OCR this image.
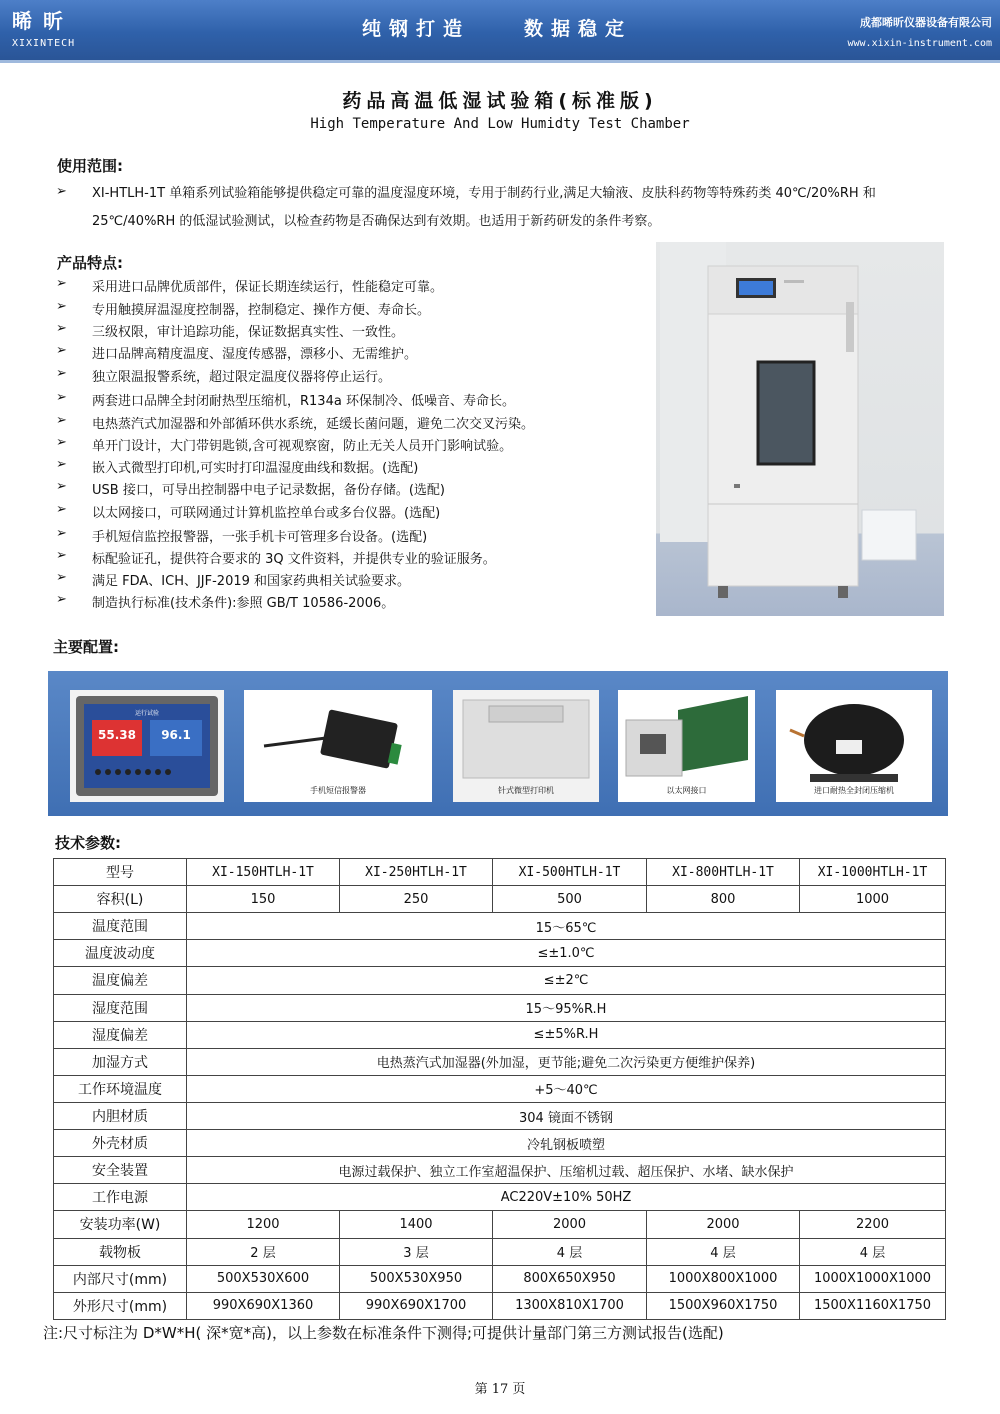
晞 昕
XIXINTECH
纯钢打造	数据稳定	成都晞昕仪器设备有限公司
www.xixin-instrument.com
药品高温低湿试验箱(标准版)
High Temperature And Low Humidty Test Chamber
使用范围:
➢ XI-HTLH-1T 单箱系列试验箱能够提供稳定可靠的温度湿度环境，专用于制药行业,满足大输液、皮肤科药物等特殊药类 40℃/20%RH 和 25℃/40%RH 的低湿试验测试，以检查药物是否确保达到有效期。也适用于新药研发的条件考察。
产品特点:
➢ 采用进口品牌优质部件，保证长期连续运行，性能稳定可靠。
➢ 专用触摸屏温湿度控制器，控制稳定、操作方便、寿命长。
➢ 三级权限，审计追踪功能，保证数据真实性、一致性。
➢ 进口品牌高精度温度、湿度传感器，漂移小、无需维护。
➢ 独立限温报警系统，超过限定温度仪器将停止运行。
➢ 两套进口品牌全封闭耐热型压缩机，R134a 环保制冷、低噪音、寿命长。
➢ 电热蒸汽式加湿器和外部循环供水系统，延缓长菌问题，避免二次交叉污染。
➢ 单开门设计，大门带钥匙锁,含可视观察窗，防止无关人员开门影响试验。
➢ 嵌入式微型打印机,可实时打印温湿度曲线和数据。(选配)
➢ USB 接口，可导出控制器中电子记录数据，备份存储。(选配)
➢ 以太网接口，可联网通过计算机监控单台或多台仪器。(选配)
➢ 手机短信监控报警器，一张手机卡可管理多台设备。(选配)
➢ 标配验证孔，提供符合要求的 3Q 文件资料，并提供专业的验证服务。
➢ 满足 FDA、ICH、JJF-2019 和国家药典相关试验要求。
➢ 制造执行标准(技术条件):参照 GB/T 10586-2006。
主要配置:
运行试验
55.38	96.1
手机短信报警器	针式微型打印机	以太网接口	进口耐热全封闭压缩机
技术参数:
型号	XI-150HTLH-1T	XI-250HTLH-1T	XI-500HTLH-1T	XI-800HTLH-1T	XI-1000HTLH-1T
容积(L)	150	250	500	800	1000
温度范围	15～65℃				
温度波动度	≤±1.0℃				
温度偏差	≤±2℃				
湿度范围	15～95%R.H				
湿度偏差	≤±5%R.H				
加湿方式	电热蒸汽式加湿器(外加湿，更节能;避免二次污染更方便维护保养)				
工作环境温度	+5～40℃				
内胆材质	304 镜面不锈钢				
外壳材质	冷轧钢板喷塑				
安全装置	电源过载保护、独立工作室超温保护、压缩机过载、超压保护、水堵、缺水保护				
工作电源	AC220V±10% 50HZ				
安装功率(W)	1200	1400	2000	2000	2200
载物板	2 层	3 层	4 层	4 层	4 层
内部尺寸(mm)	500X530X600	500X530X950	800X650X950	1000X800X1000	1000X1000X1000
外形尺寸(mm)	990X690X1360	990X690X1700	1300X810X1700	1500X960X1750	1500X1160X1750
注:尺寸标注为 D*W*H( 深*宽*高)，以上参数在标准条件下测得;可提供计量部门第三方测试报告(选配)
第 17 页
